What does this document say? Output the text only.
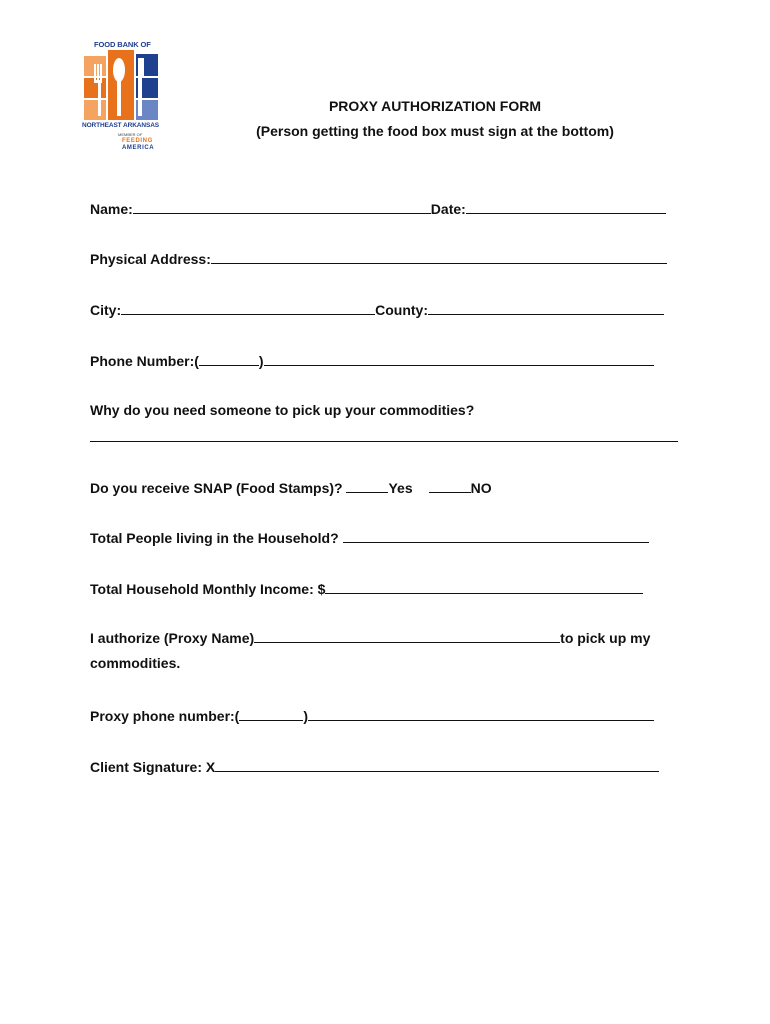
FOOD BANK OF
NORTHEAST ARKANSAS
MEMBER OF
FEEDING
AMERICA
PROXY AUTHORIZATION FORM
(Person getting the food box must sign at the bottom)
Name:	Date:
Physical Address:
City:	County:
Phone Number:(	)
Why do you need someone to pick up your commodities?
Do you receive SNAP (Food Stamps)?	Yes	NO
Total People living in the Household?
Total Household Monthly Income: $
I authorize (Proxy Name)	to pick up my
commodities.
Proxy phone number:(	)
Client Signature: X
